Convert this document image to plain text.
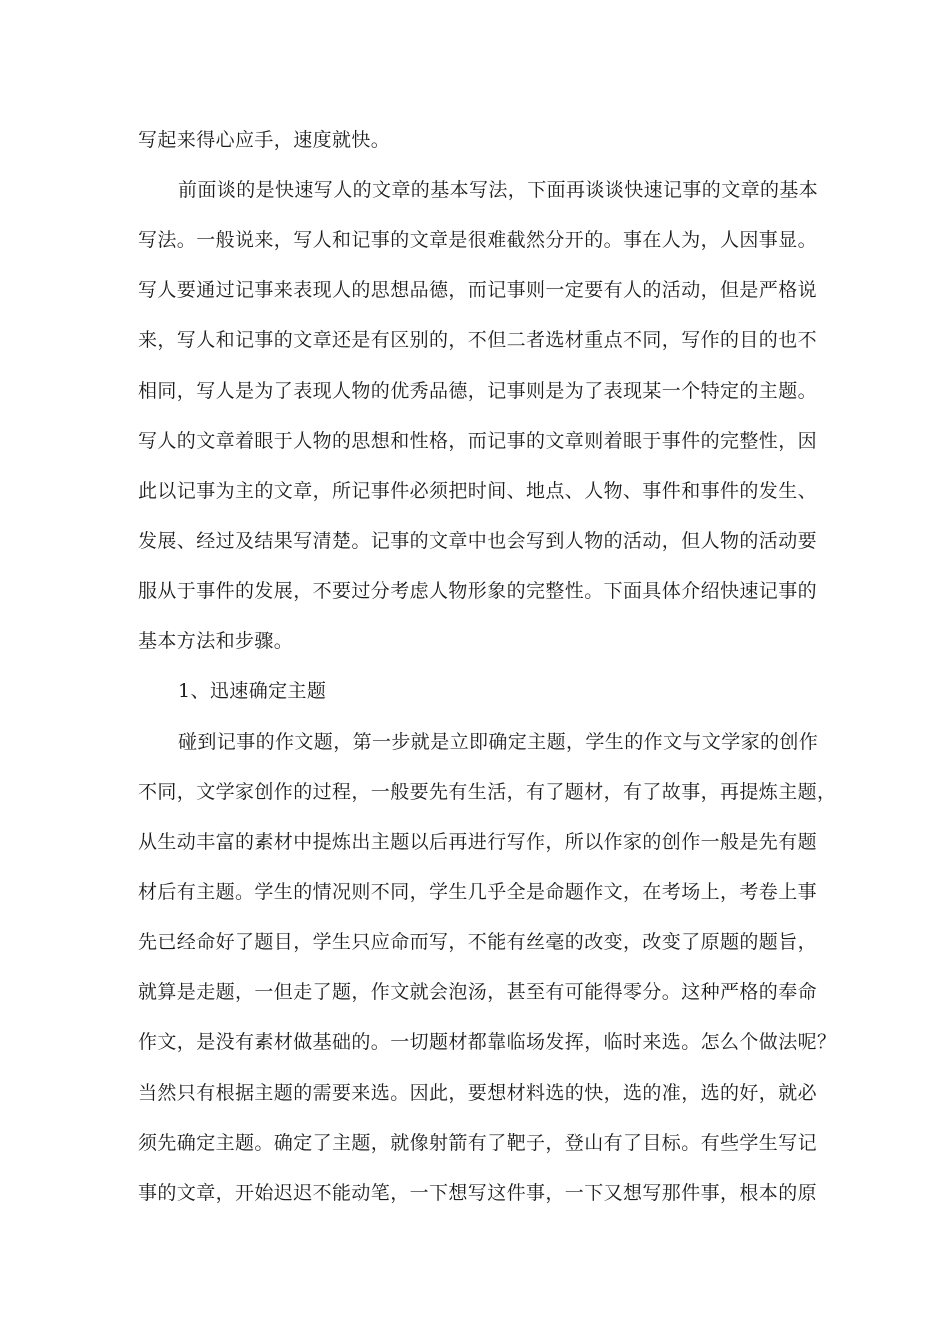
写起来得心应手，速度就快。
前面谈的是快速写人的文章的基本写法，下面再谈谈快速记事的文章的基本
写法。一般说来，写人和记事的文章是很难截然分开的。事在人为，人因事显。
写人要通过记事来表现人的思想品德，而记事则一定要有人的活动，但是严格说
来，写人和记事的文章还是有区别的，不但二者选材重点不同，写作的目的也不
相同，写人是为了表现人物的优秀品德，记事则是为了表现某一个特定的主题。
写人的文章着眼于人物的思想和性格，而记事的文章则着眼于事件的完整性，因
此以记事为主的文章，所记事件必须把时间、地点、人物、事件和事件的发生、
发展、经过及结果写清楚。记事的文章中也会写到人物的活动，但人物的活动要
服从于事件的发展，不要过分考虑人物形象的完整性。下面具体介绍快速记事的
基本方法和步骤。
1、迅速确定主题
碰到记事的作文题，第一步就是立即确定主题，学生的作文与文学家的创作
不同，文学家创作的过程，一般要先有生活，有了题材，有了故事，再提炼主题，
从生动丰富的素材中提炼出主题以后再进行写作，所以作家的创作一般是先有题
材后有主题。学生的情况则不同，学生几乎全是命题作文，在考场上，考卷上事
先已经命好了题目，学生只应命而写，不能有丝毫的改变，改变了原题的题旨，
就算是走题，一但走了题，作文就会泡汤，甚至有可能得零分。这种严格的奉命
作文，是没有素材做基础的。一切题材都靠临场发挥，临时来选。怎么个做法呢？
当然只有根据主题的需要来选。因此，要想材料选的快，选的准，选的好，就必
须先确定主题。确定了主题，就像射箭有了靶子，登山有了目标。有些学生写记
事的文章，开始迟迟不能动笔，一下想写这件事，一下又想写那件事，根本的原
